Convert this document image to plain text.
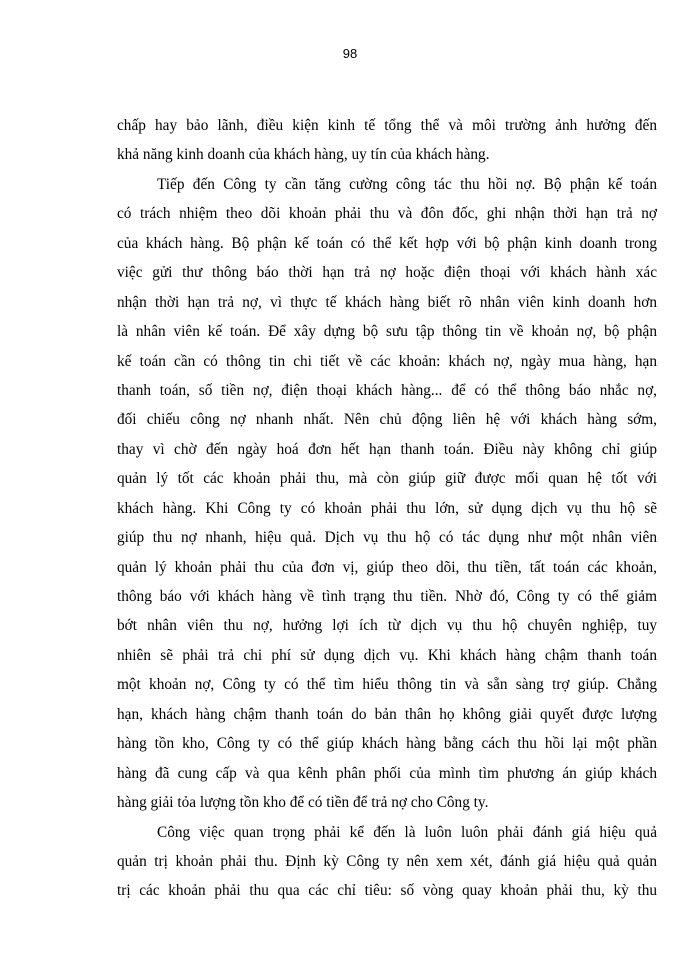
98
chấp hay bảo lãnh, điều kiện kinh tế tổng thể và môi trường ảnh hưởng đến
khả năng kinh doanh của khách hàng, uy tín của khách hàng.
Tiếp đến Công ty cần tăng cường công tác thu hồi nợ. Bộ phận kế toán
có trách nhiệm theo dõi khoản phải thu và đôn đốc, ghi nhận thời hạn trả nợ
của khách hàng. Bộ phận kế toán có thể kết hợp với bộ phận kinh doanh trong
việc gửi thư thông báo thời hạn trả nợ hoặc điện thoại với khách hành xác
nhận thời hạn trả nợ, vì thực tế khách hàng biết rõ nhân viên kinh doanh hơn
là nhân viên kế toán. Để xây dựng bộ sưu tập thông tin về khoản nợ, bộ phận
kế toán cần có thông tin chi tiết về các khoản: khách nợ, ngày mua hàng, hạn
thanh toán, số tiền nợ, điện thoại khách hàng... để có thể thông báo nhắc nợ,
đối chiếu công nợ nhanh nhất. Nên chủ động liên hệ với khách hàng sớm,
thay vì chờ đến ngày hoá đơn hết hạn thanh toán. Điều này không chỉ giúp
quản lý tốt các khoản phải thu, mà còn giúp giữ được mối quan hệ tốt với
khách hàng. Khi Công ty có khoản phải thu lớn, sử dụng dịch vụ thu hộ sẽ
giúp thu nợ nhanh, hiệu quả. Dịch vụ thu hộ có tác dụng như một nhân viên
quản lý khoản phải thu của đơn vị, giúp theo dõi, thu tiền, tất toán các khoản,
thông báo với khách hàng về tình trạng thu tiền. Nhờ đó, Công ty có thể giảm
bớt nhân viên thu nợ, hưởng lợi ích từ dịch vụ thu hộ chuyên nghiệp, tuy
nhiên sẽ phải trả chi phí sử dụng dịch vụ. Khi khách hàng chậm thanh toán
một khoản nợ, Công ty có thể tìm hiểu thông tin và sẵn sàng trợ giúp. Chẳng
hạn, khách hàng chậm thanh toán do bản thân họ không giải quyết được lượng
hàng tồn kho, Công ty có thể giúp khách hàng bằng cách thu hồi lại một phần
hàng đã cung cấp và qua kênh phân phối của mình tìm phương án giúp khách
hàng giải tỏa lượng tồn kho để có tiền để trả nợ cho Công ty.
Công việc quan trọng phải kể đến là luôn luôn phải đánh giá hiệu quả
quản trị khoản phải thu. Định kỳ Công ty nên xem xét, đánh giá hiệu quả quản
trị các khoản phải thu qua các chỉ tiêu: số vòng quay khoản phải thu, kỳ thu
